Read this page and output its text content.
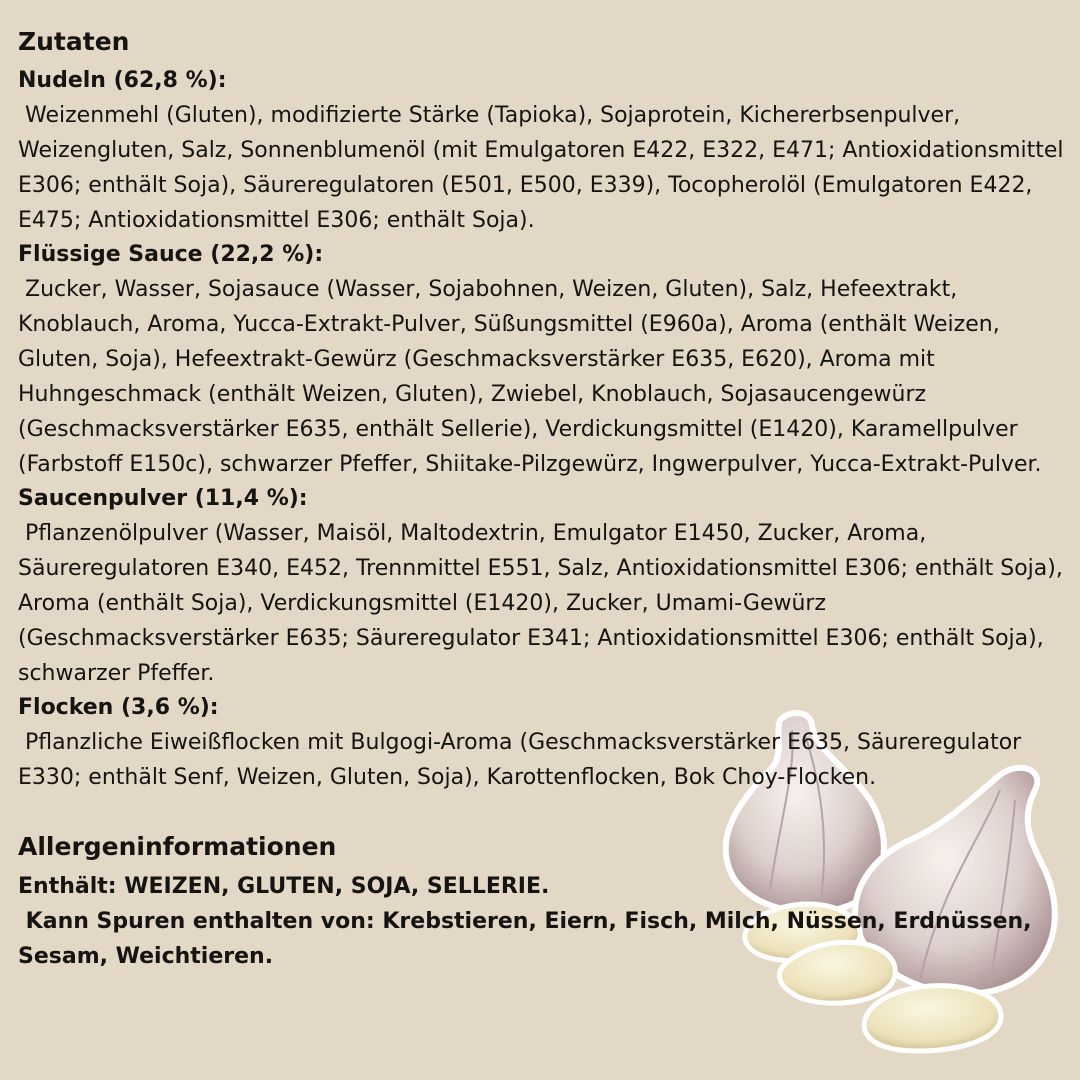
Zutaten

Nudeln (62,8 %):

Weizenmehl (Gluten), modifizierte Stärke (Tapioka), Sojaprotein, Kichererbsenpulver, Weizengluten, Salz, Sonnenblumenöl (mit Emulgatoren E422, E322, E471; Antioxidationsmittel E306; enthält Soja), Säureregulatoren (E501, E500, E339), Tocopherolöl (Emulgatoren E422, E475; Antioxidationsmittel E306; enthält Soja).

Flüssige Sauce (22,2 %):

Zucker, Wasser, Sojasauce (Wasser, Sojabohnen, Weizen, Gluten), Salz, Hefeextrakt, Knoblauch, Aroma, Yucca-Extrakt-Pulver, Süßungsmittel (E960a), Aroma (enthält Weizen, Gluten, Soja), Hefeextrakt-Gewürz (Geschmacksverstärker E635, E620), Aroma mit Huhngeschmack (enthält Weizen, Gluten), Zwiebel, Knoblauch, Sojasaucengewürz (Geschmacksverstärker E635, enthält Sellerie), Verdickungsmittel (E1420), Karamellpulver (Farbstoff E150c), schwarzer Pfeffer, Shiitake-Pilzgewürz, Ingwerpulver, Yucca-Extrakt-Pulver.

Saucenpulver (11,4 %):

Pflanzenölpulver (Wasser, Maisöl, Maltodextrin, Emulgator E1450, Zucker, Aroma, Säureregulatoren E340, E452, Trennmittel E551, Salz, Antioxidationsmittel E306; enthält Soja), Aroma (enthält Soja), Verdickungsmittel (E1420), Zucker, Umami-Gewürz (Geschmacksverstärker E635; Säureregulator E341; Antioxidationsmittel E306; enthält Soja), schwarzer Pfeffer.

Flocken (3,6 %):

Pflanzliche Eiweißflocken mit Bulgogi-Aroma (Geschmacksverstärker E635, Säureregulator E330; enthält Senf, Weizen, Gluten, Soja), Karottenflocken, Bok Choy-Flocken.

Allergeninformationen

Enthält: WEIZEN, GLUTEN, SOJA, SELLERIE.

Kann Spuren enthalten von: Krebstieren, Eiern, Fisch, Milch, Nüssen, Erdnüssen, Sesam, Weichtieren.
